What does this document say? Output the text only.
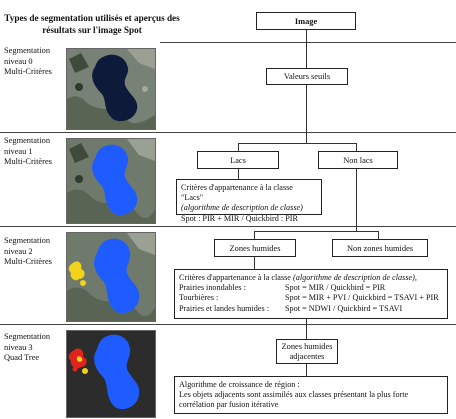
Types de segmentation utilisés et aperçus des résultats sur l'image Spot
Segmentation
niveau 0
Multi-Critères
Segmentation
niveau 1
Multi-Critères
Segmentation
niveau 2
Multi-Critères
Segmentation
niveau 3
Quad Tree
Image
Valeurs seuils
Lacs	Non lacs
Critères d'appartenance à la classe "Lacs"
(algorithme de description de classe)
Spot : PIR + MIR / Quickbird : PIR
Zones humides	Non zones humides
Critères d'appartenance à la classe (algorithme de description de classe),
Prairies inondables :	Spot = MIR / Quickbird = PIR
Tourbières :	Spot = MIR + PVI / Quickbird = TSAVI + PIR
Prairies et landes humides :	Spot = NDWI / Quickbird = TSAVI
Zones humides
adjacentes
Algorithme de croissance de région :
Les objets adjacents sont assimilés aux classes présentant la plus forte
corrélation par fusion itérative
